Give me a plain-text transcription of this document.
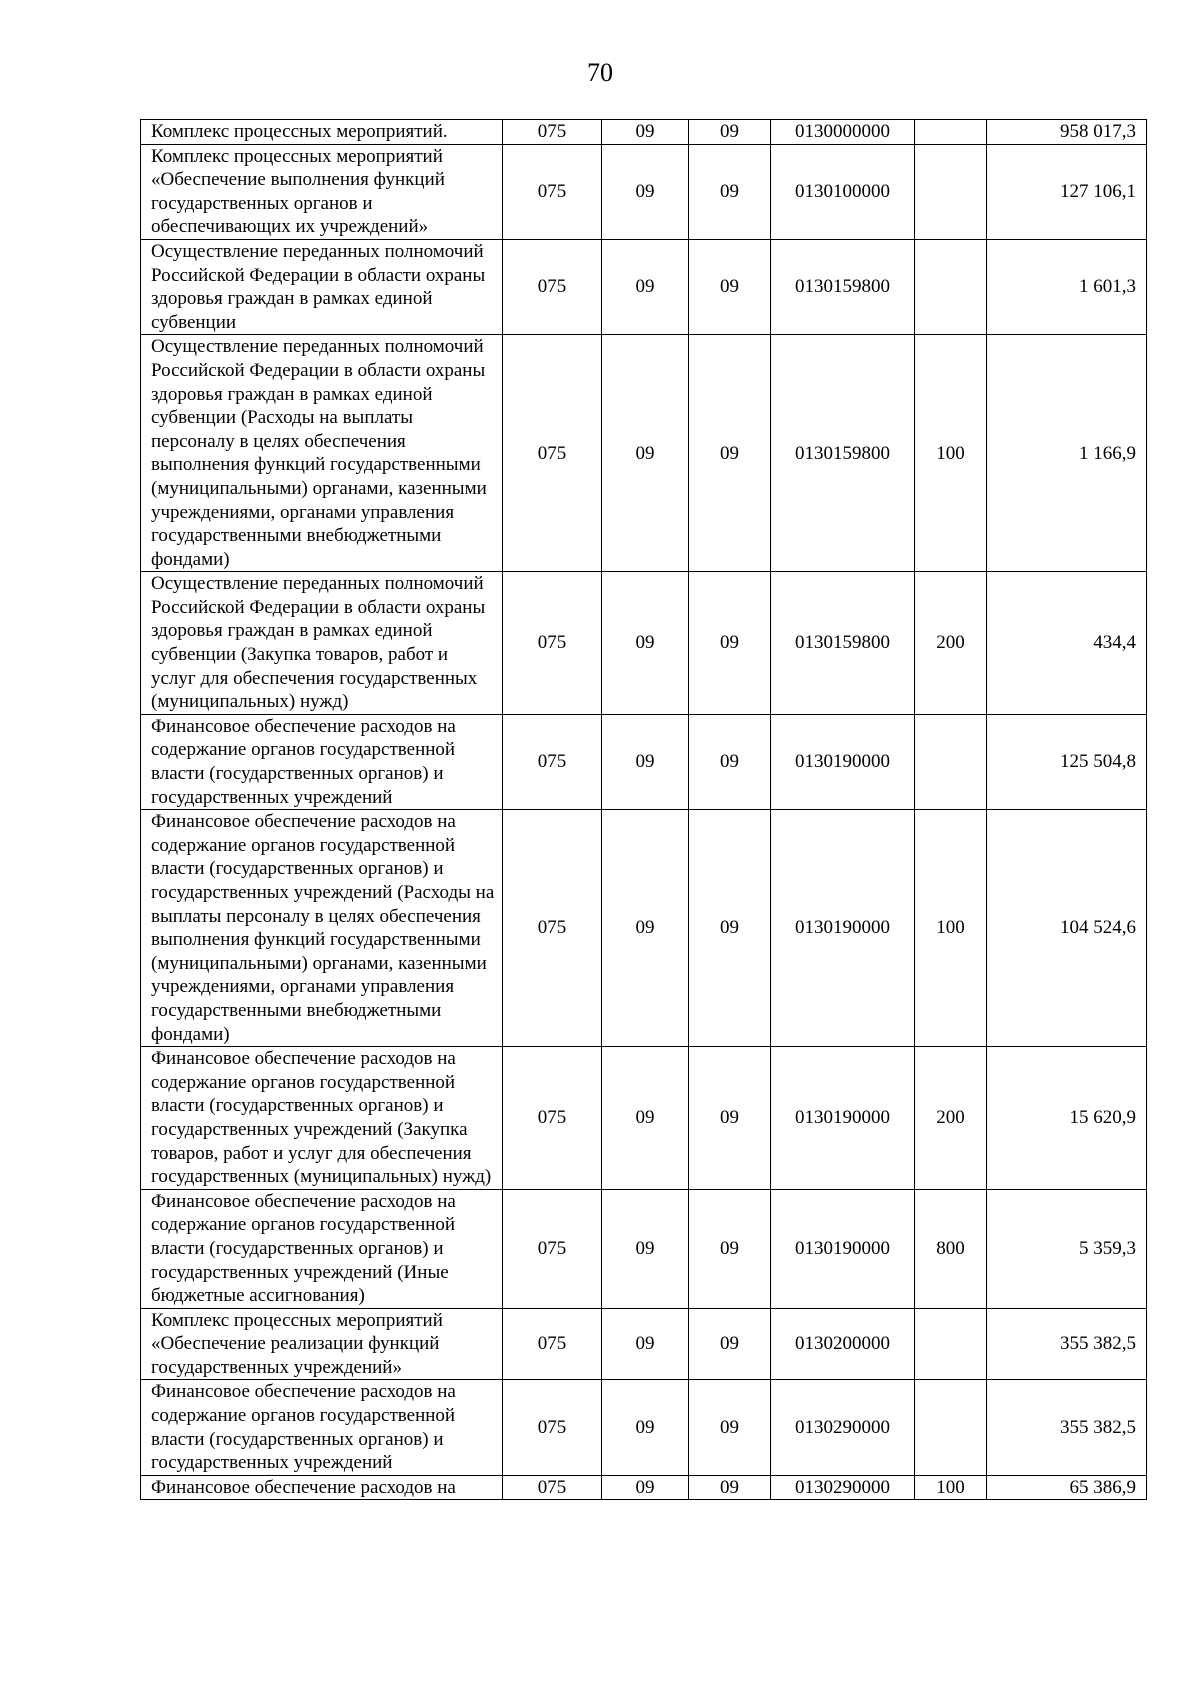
70
Комплекс процессных мероприятий.	075	09	09	0130000000		958 017,3
Комплекс процессных мероприятий «Обеспечение выполнения функций государственных органов и обеспечивающих их учреждений»	075	09	09	0130100000		127 106,1
Осуществление переданных полномочий Российской Федерации в области охраны здоровья граждан в рамках единой субвенции	075	09	09	0130159800		1 601,3
Осуществление переданных полномочий Российской Федерации в области охраны здоровья граждан в рамках единой субвенции (Расходы на выплаты персоналу в целях обеспечения выполнения функций государственными (муниципальными) органами, казенными учреждениями, органами управления государственными внебюджетными фондами)	075	09	09	0130159800	100	1 166,9
Осуществление переданных полномочий Российской Федерации в области охраны здоровья граждан в рамках единой субвенции (Закупка товаров, работ и услуг для обеспечения государственных (муниципальных) нужд)	075	09	09	0130159800	200	434,4
Финансовое обеспечение расходов на содержание органов государственной власти (государственных органов) и государственных учреждений	075	09	09	0130190000		125 504,8
Финансовое обеспечение расходов на содержание органов государственной власти (государственных органов) и государственных учреждений (Расходы на выплаты персоналу в целях обеспечения выполнения функций государственными (муниципальными) органами, казенными учреждениями, органами управления государственными внебюджетными фондами)	075	09	09	0130190000	100	104 524,6
Финансовое обеспечение расходов на содержание органов государственной власти (государственных органов) и государственных учреждений (Закупка товаров, работ и услуг для обеспечения государственных (муниципальных) нужд)	075	09	09	0130190000	200	15 620,9
Финансовое обеспечение расходов на содержание органов государственной власти (государственных органов) и государственных учреждений (Иные бюджетные ассигнования)	075	09	09	0130190000	800	5 359,3
Комплекс процессных мероприятий «Обеспечение реализации функций государственных учреждений»	075	09	09	0130200000		355 382,5
Финансовое обеспечение расходов на содержание органов государственной власти (государственных органов) и государственных учреждений	075	09	09	0130290000		355 382,5
Финансовое обеспечение расходов на	075	09	09	0130290000	100	65 386,9
